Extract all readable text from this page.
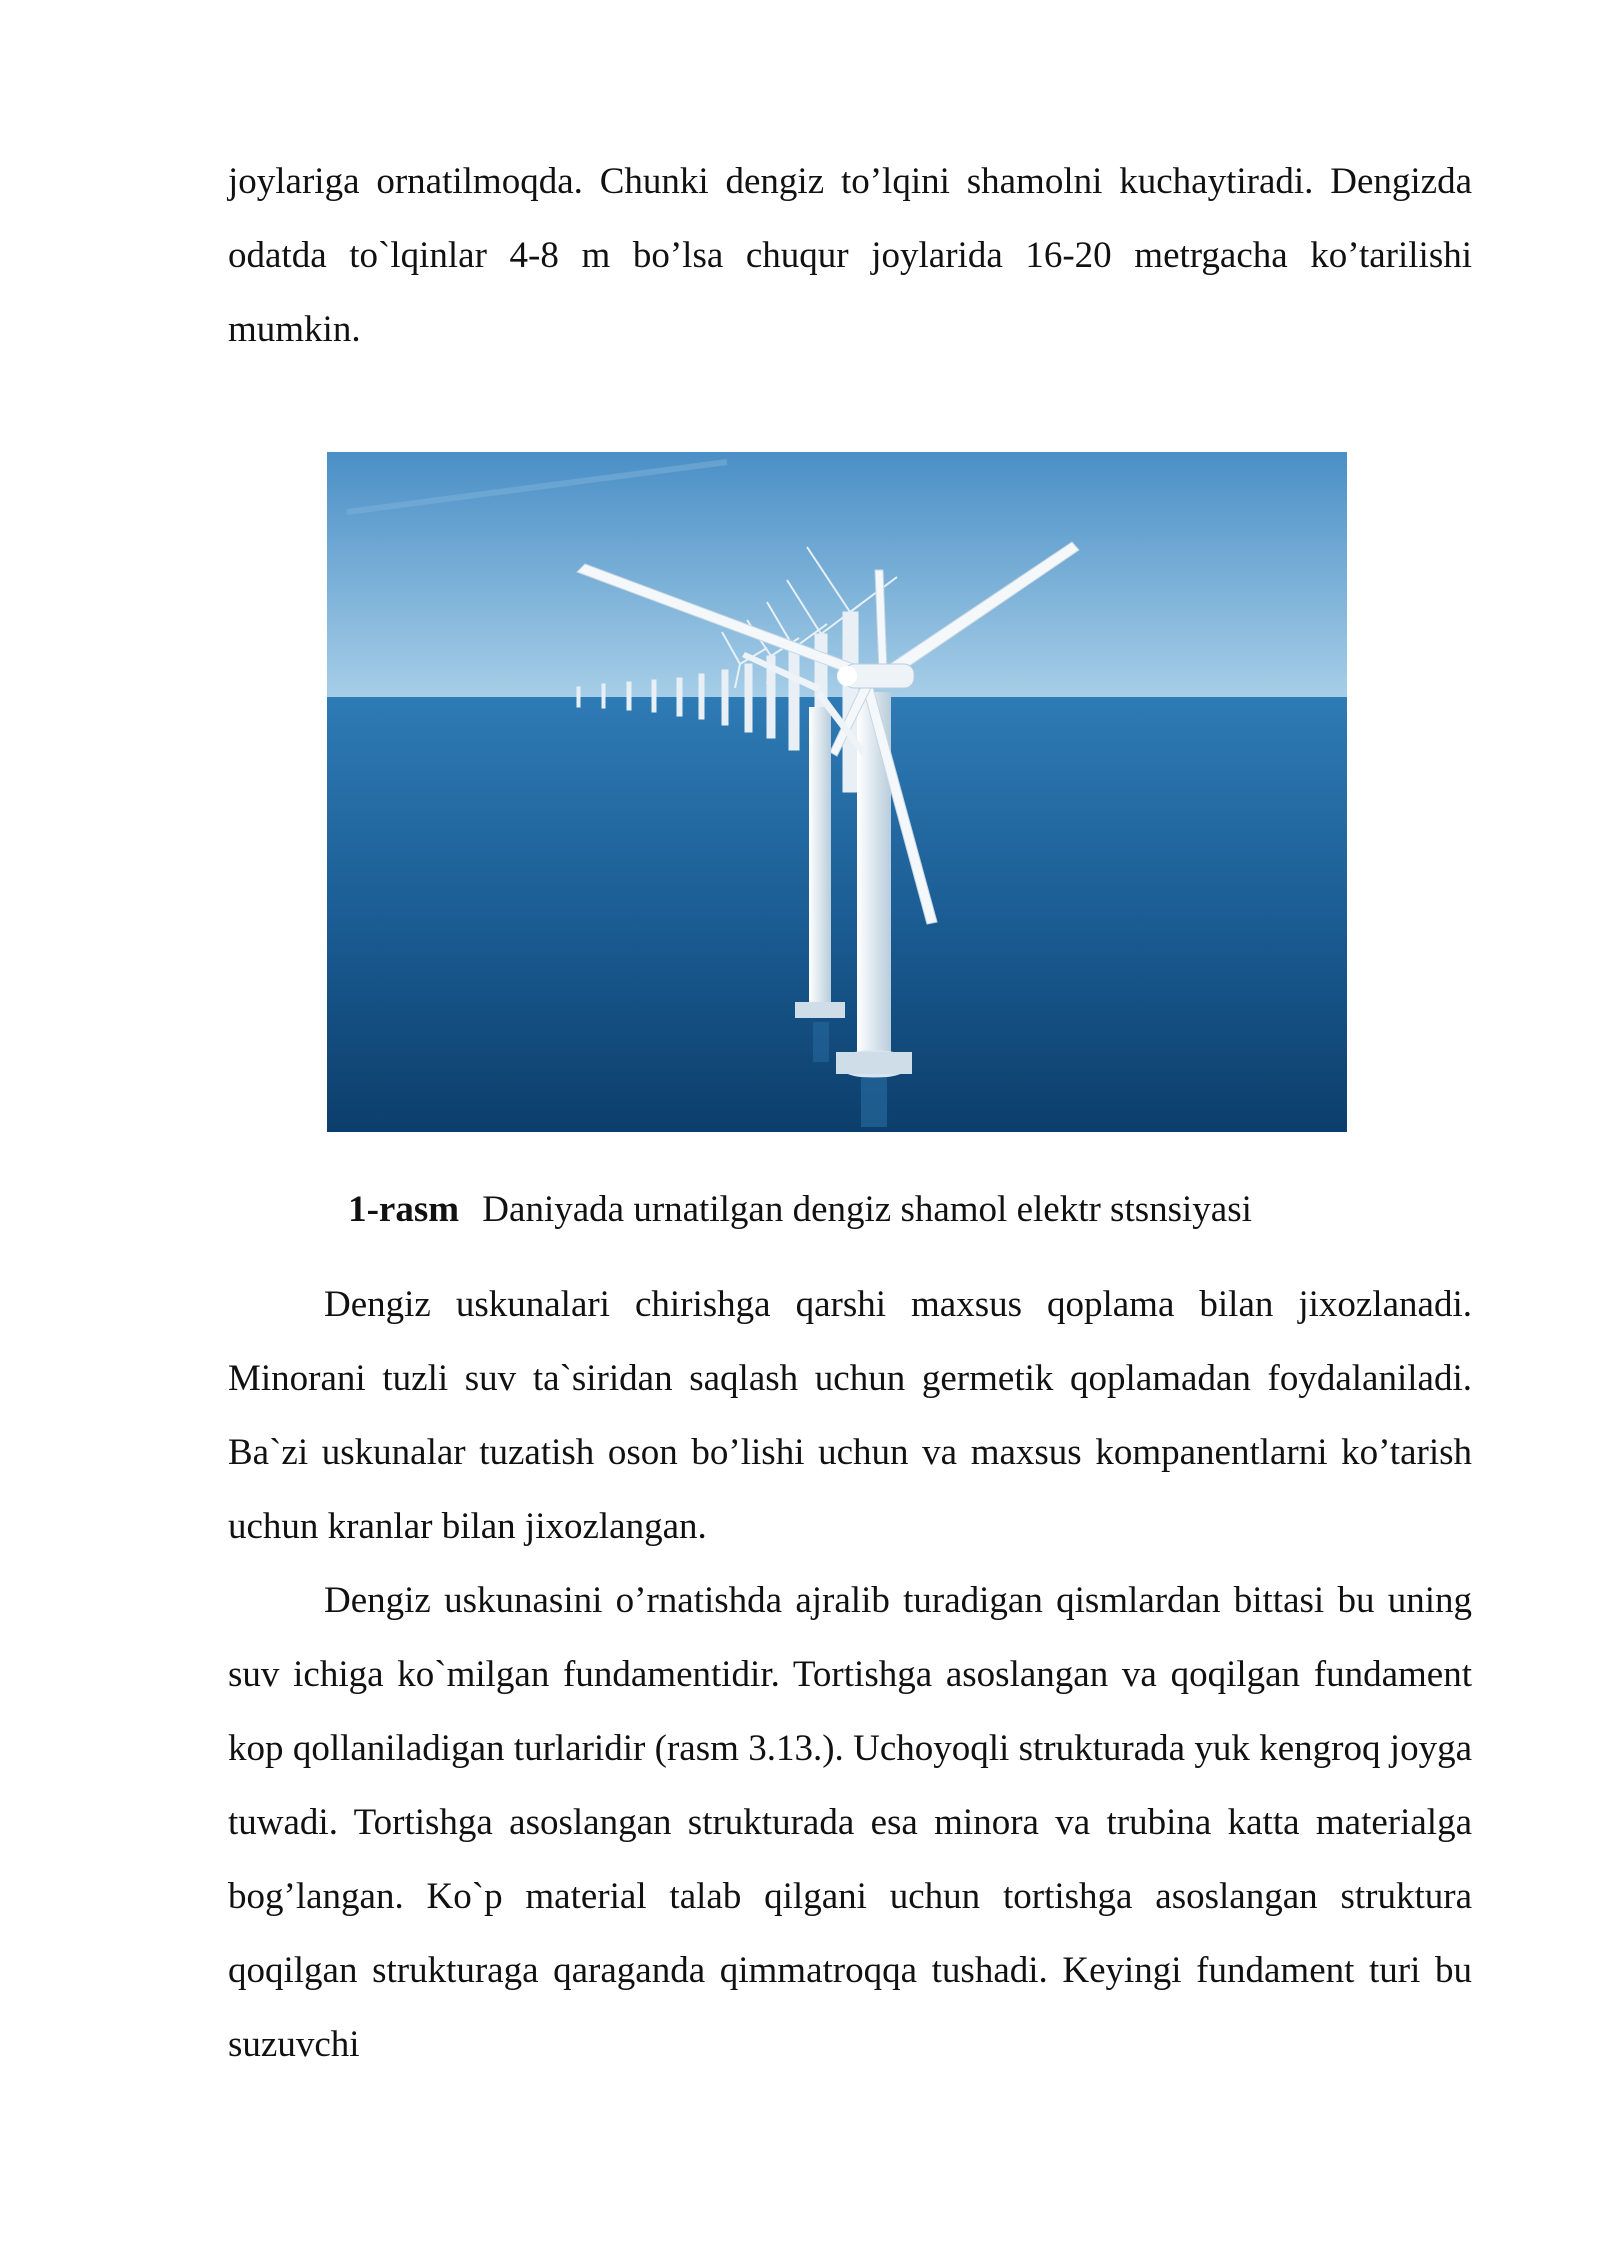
joylariga ornatilmoqda. Chunki dengiz to’lqini shamolni kuchaytiradi. Dengizda odatda to`lqinlar 4-8 m bo’lsa chuqur joylarida 16-20 metrgacha ko’tarilishi mumkin.

1-rasm Daniyada urnatilgan dengiz shamol elektr stsnsiyasi

Dengiz uskunalari chirishga qarshi maxsus qoplama bilan jixozlanadi. Minorani tuzli suv ta`siridan saqlash uchun germetik qoplamadan foydalaniladi. Ba`zi uskunalar tuzatish oson bo’lishi uchun va maxsus kompanentlarni ko’tarish uchun kranlar bilan jixozlangan.

Dengiz uskunasini o’rnatishda ajralib turadigan qismlardan bittasi bu uning suv ichiga ko`milgan fundamentidir. Tortishga asoslangan va qoqilgan fundament kop qollaniladigan turlaridir (rasm 3.13.). Uchoyoqli strukturada yuk kengroq joyga tuwadi. Tortishga asoslangan strukturada esa minora va trubina katta materialga bog’langan. Ko`p material talab qilgani uchun tortishga asoslangan struktura qoqilgan strukturaga qaraganda qimmatroqqa tushadi. Keyingi fundament turi bu suzuvchi
